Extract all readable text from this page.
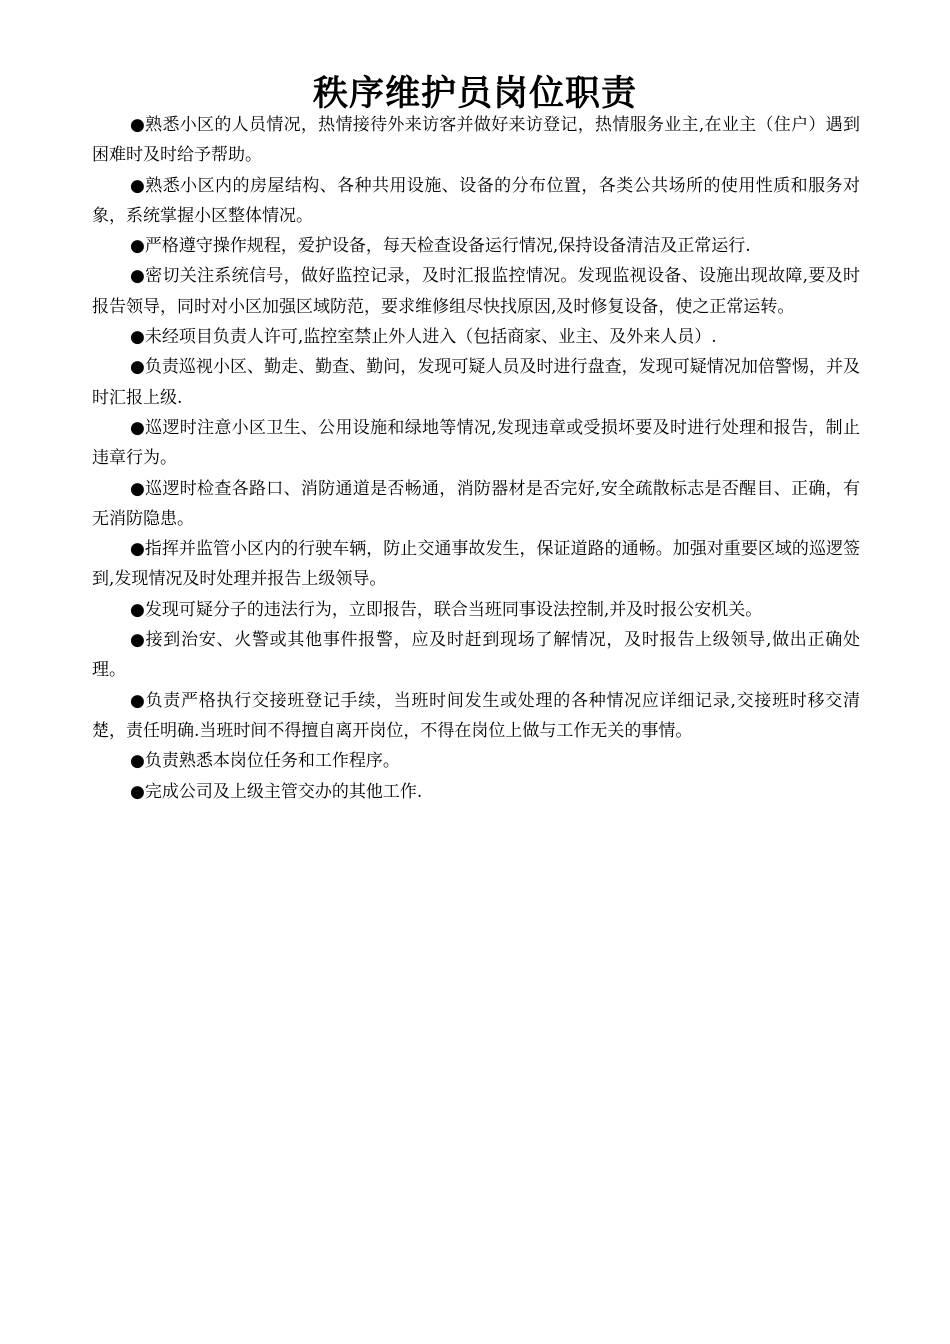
秩序维护员岗位职责

●熟悉小区的人员情况，热情接待外来访客并做好来访登记，热情服务业主,在业主（住户）遇到困难时及时给予帮助。

●熟悉小区内的房屋结构、各种共用设施、设备的分布位置，各类公共场所的使用性质和服务对象，系统掌握小区整体情况。

●严格遵守操作规程，爱护设备，每天检查设备运行情况,保持设备清洁及正常运行.

●密切关注系统信号，做好监控记录，及时汇报监控情况。发现监视设备、设施出现故障,要及时报告领导，同时对小区加强区域防范，要求维修组尽快找原因,及时修复设备，使之正常运转。

●未经项目负责人许可,监控室禁止外人进入（包括商家、业主、及外来人员）.

●负责巡视小区、勤走、勤查、勤问，发现可疑人员及时进行盘查，发现可疑情况加倍警惕，并及时汇报上级.

●巡逻时注意小区卫生、公用设施和绿地等情况,发现违章或受损坏要及时进行处理和报告，制止违章行为。

●巡逻时检查各路口、消防通道是否畅通，消防器材是否完好,安全疏散标志是否醒目、正确，有无消防隐患。

●指挥并监管小区内的行驶车辆，防止交通事故发生，保证道路的通畅。加强对重要区域的巡逻签到,发现情况及时处理并报告上级领导。

●发现可疑分子的违法行为，立即报告，联合当班同事设法控制,并及时报公安机关。

●接到治安、火警或其他事件报警，应及时赶到现场了解情况，及时报告上级领导,做出正确处理。

●负责严格执行交接班登记手续，当班时间发生或处理的各种情况应详细记录,交接班时移交清楚，责任明确.当班时间不得擅自离开岗位，不得在岗位上做与工作无关的事情。

●负责熟悉本岗位任务和工作程序。

●完成公司及上级主管交办的其他工作.
